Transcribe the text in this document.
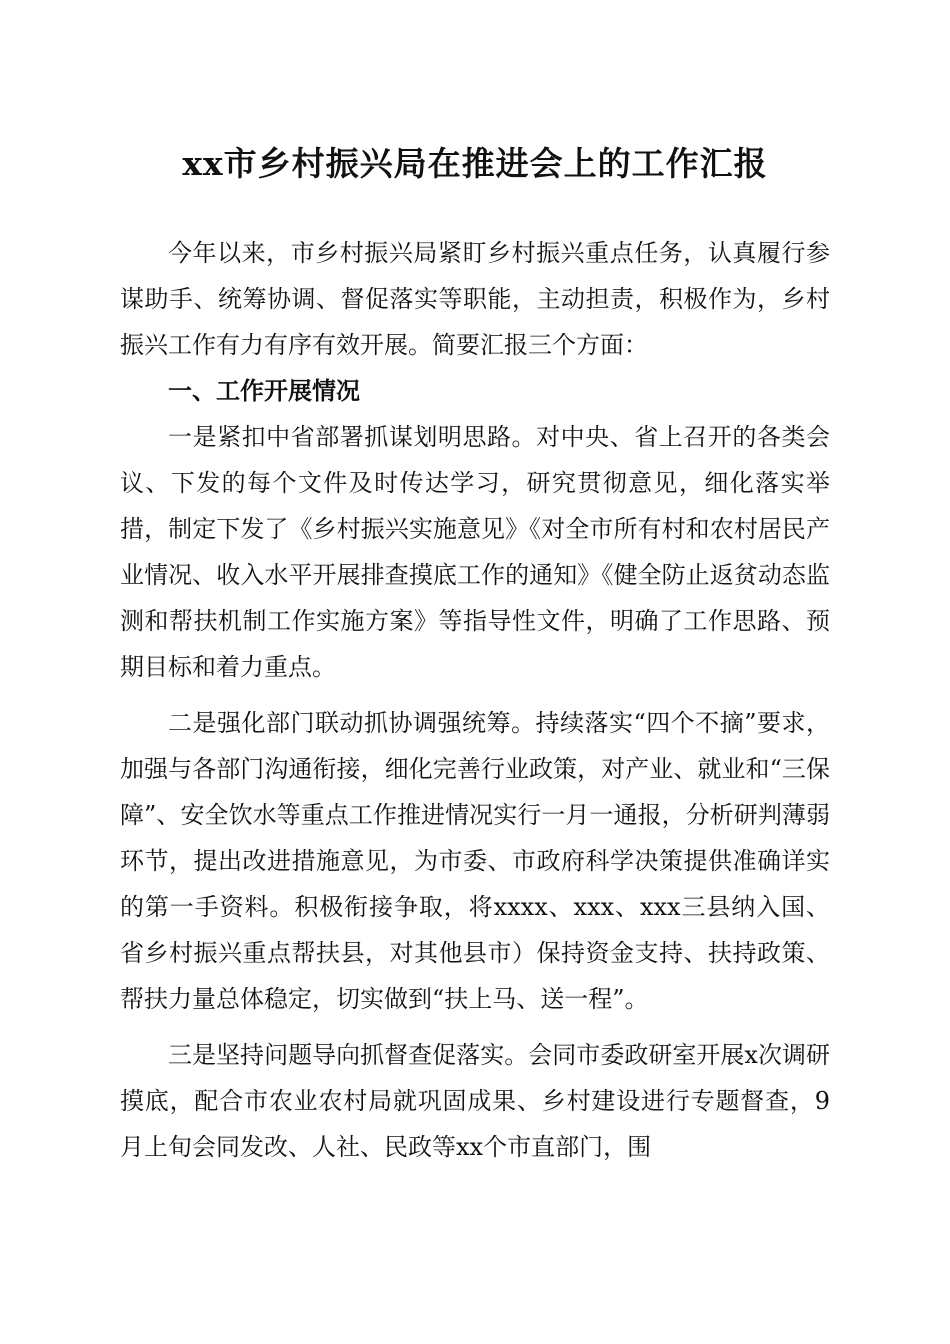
xx市乡村振兴局在推进会上的工作汇报

今年以来，市乡村振兴局紧盯乡村振兴重点任务，认真履行参谋助手、统筹协调、督促落实等职能，主动担责，积极作为，乡村振兴工作有力有序有效开展。简要汇报三个方面：

一、工作开展情况

一是紧扣中省部署抓谋划明思路。对中央、省上召开的各类会议、下发的每个文件及时传达学习，研究贯彻意见，细化落实举措，制定下发了《乡村振兴实施意见》《对全市所有村和农村居民产业情况、收入水平开展排查摸底工作的通知》《健全防止返贫动态监测和帮扶机制工作实施方案》等指导性文件，明确了工作思路、预期目标和着力重点。

二是强化部门联动抓协调强统筹。持续落实“四个不摘”要求，加强与各部门沟通衔接，细化完善行业政策，对产业、就业和“三保障”、安全饮水等重点工作推进情况实行一月一通报，分析研判薄弱环节，提出改进措施意见，为市委、市政府科学决策提供准确详实的第一手资料。积极衔接争取，将xxxx、xxx、xxx三县纳入国、省乡村振兴重点帮扶县，对其他县市）保持资金支持、扶持政策、帮扶力量总体稳定，切实做到“扶上马、送一程”。

三是坚持问题导向抓督查促落实。会同市委政研室开展x次调研摸底，配合市农业农村局就巩固成果、乡村建设进行专题督查，9月上旬会同发改、人社、民政等xx个市直部门，围
